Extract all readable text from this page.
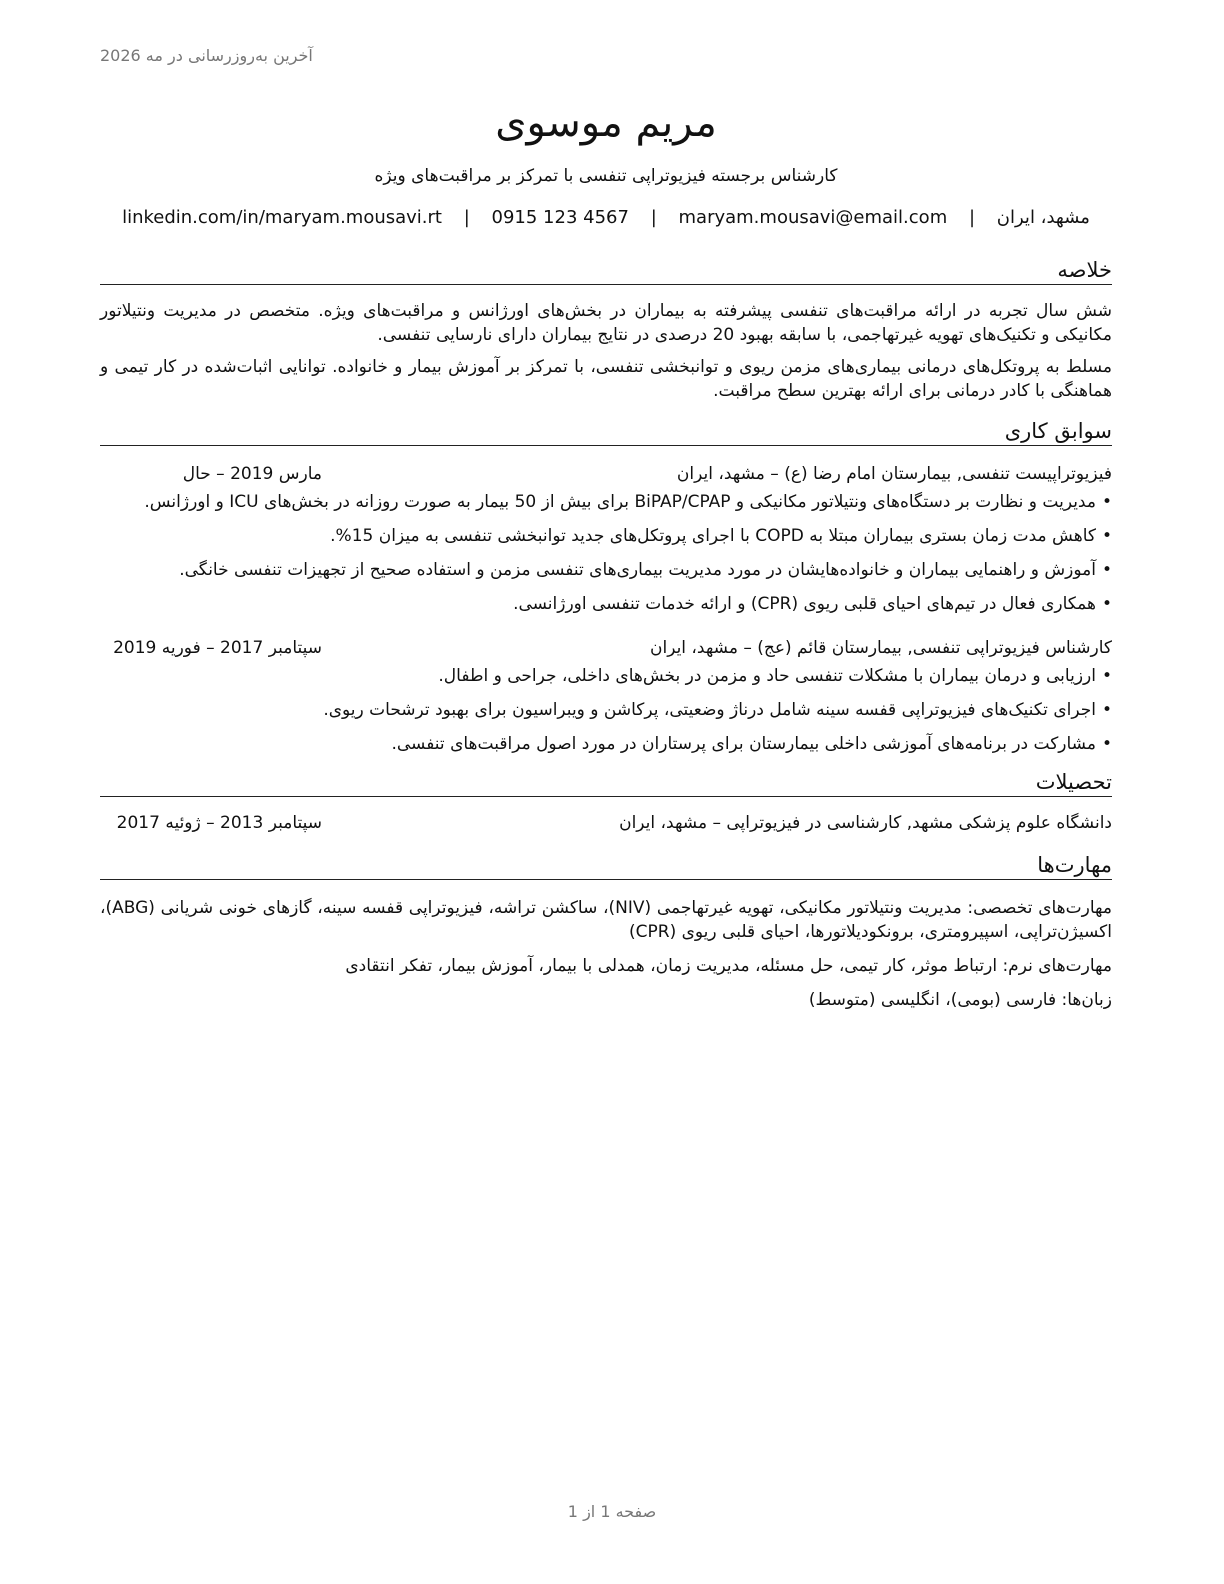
آخرین به‌روزرسانی در مه 2026
مریم موسوی
کارشناس برجسته فیزیوتراپی تنفسی با تمرکز بر مراقبت‌های ویژه
مشهد، ایران | maryam.mousavi@email.com | 0915 123 4567 | linkedin.com/in/maryam.mousavi.rt
خلاصه

شش سال تجربه در ارائه مراقبت‌های تنفسی پیشرفته به بیماران در بخش‌های اورژانس و مراقبت‌های ویژه. متخصص در مدیریت ونتیلاتور مکانیکی و تکنیک‌های تهویه غیرتهاجمی، با سابقه بهبود 20 درصدی در نتایج بیماران دارای نارسایی تنفسی.

مسلط به پروتکل‌های درمانی بیماری‌های مزمن ریوی و توانبخشی تنفسی، با تمرکز بر آموزش بیمار و خانواده. توانایی اثبات‌شده در کار تیمی و هماهنگی با کادر درمانی برای ارائه بهترین سطح مراقبت.

سوابق کاری
فیزیوتراپیست تنفسی, بیمارستان امام رضا (ع) – مشهد، ایران
مارس 2019 – حال
•مدیریت و نظارت بر دستگاه‌های ونتیلاتور مکانیکی و BiPAP/CPAP برای بیش از 50 بیمار به صورت روزانه در بخش‌های ICU و اورژانس.
•کاهش مدت زمان بستری بیماران مبتلا به COPD با اجرای پروتکل‌های جدید توانبخشی تنفسی به میزان 15%.
•آموزش و راهنمایی بیماران و خانواده‌هایشان در مورد مدیریت بیماری‌های تنفسی مزمن و استفاده صحیح از تجهیزات تنفسی خانگی.
•همکاری فعال در تیم‌های احیای قلبی ریوی (CPR) و ارائه خدمات تنفسی اورژانسی.
کارشناس فیزیوتراپی تنفسی, بیمارستان قائم (عج) – مشهد، ایران
سپتامبر 2017 – فوریه 2019
•ارزیابی و درمان بیماران با مشکلات تنفسی حاد و مزمن در بخش‌های داخلی، جراحی و اطفال.
•اجرای تکنیک‌های فیزیوتراپی قفسه سینه شامل درناژ وضعیتی، پرکاشن و ویبراسیون برای بهبود ترشحات ریوی.
•مشارکت در برنامه‌های آموزشی داخلی بیمارستان برای پرستاران در مورد اصول مراقبت‌های تنفسی.
تحصیلات
دانشگاه علوم پزشکی مشهد, کارشناسی در فیزیوتراپی – مشهد، ایران
سپتامبر 2013 – ژوئیه 2017
مهارت‌ها
مهارت‌های تخصصی: مدیریت ونتیلاتور مکانیکی، تهویه غیرتهاجمی (NIV)، ساکشن تراشه، فیزیوتراپی قفسه سینه، گازهای خونی شریانی (ABG)، اکسیژن‌تراپی، اسپیرومتری، برونکودیلاتورها، احیای قلبی ریوی (CPR)
مهارت‌های نرم: ارتباط موثر، کار تیمی، حل مسئله، مدیریت زمان، همدلی با بیمار، آموزش بیمار، تفکر انتقادی
زبان‌ها: فارسی (بومی)، انگلیسی (متوسط)
صفحه 1 از 1
